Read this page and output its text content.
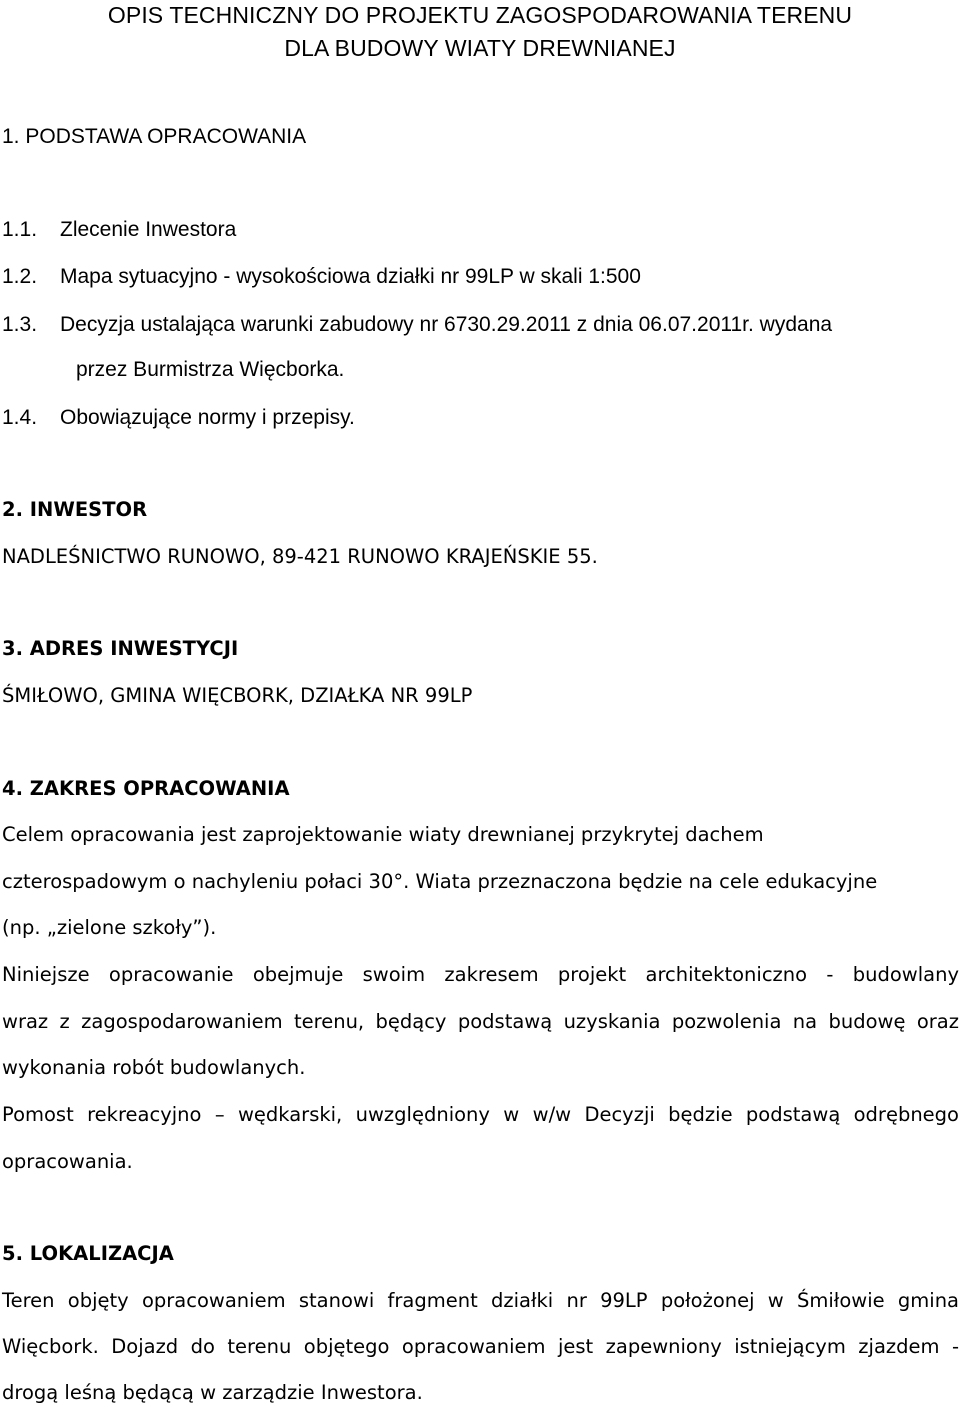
OPIS TECHNICZNY DO PROJEKTU ZAGOSPODAROWANIA TERENU
DLA BUDOWY WIATY DREWNIANEJ
1. PODSTAWA OPRACOWANIA
1.1. Zlecenie Inwestora
1.2. Mapa sytuacyjno - wysokościowa działki nr 99LP w skali 1:500
1.3. Decyzja ustalająca warunki zabudowy nr 6730.29.2011 z dnia 06.07.2011r. wydana
przez Burmistrza Więcborka.
1.4. Obowiązujące normy i przepisy.
2. INWESTOR
NADLEŚNICTWO RUNOWO, 89-421 RUNOWO KRAJEŃSKIE 55.
3. ADRES INWESTYCJI
ŚMIŁOWO, GMINA WIĘCBORK, DZIAŁKA NR 99LP
4. ZAKRES OPRACOWANIA
Celem opracowania jest zaprojektowanie wiaty drewnianej przykrytej dachem
czterospadowym o nachyleniu połaci 30°. Wiata przeznaczona będzie na cele edukacyjne
(np. „zielone szkoły”).
Niniejsze opracowanie obejmuje swoim zakresem projekt architektoniczno - budowlany
wraz z zagospodarowaniem terenu, będący podstawą uzyskania pozwolenia na budowę oraz
wykonania robót budowlanych.
Pomost rekreacyjno – wędkarski, uwzględniony w w/w Decyzji będzie podstawą odrębnego
opracowania.
5. LOKALIZACJA
Teren objęty opracowaniem stanowi fragment działki nr 99LP położonej w Śmiłowie gmina
Więcbork. Dojazd do terenu objętego opracowaniem jest zapewniony istniejącym zjazdem -
drogą leśną będącą w zarządzie Inwestora.
